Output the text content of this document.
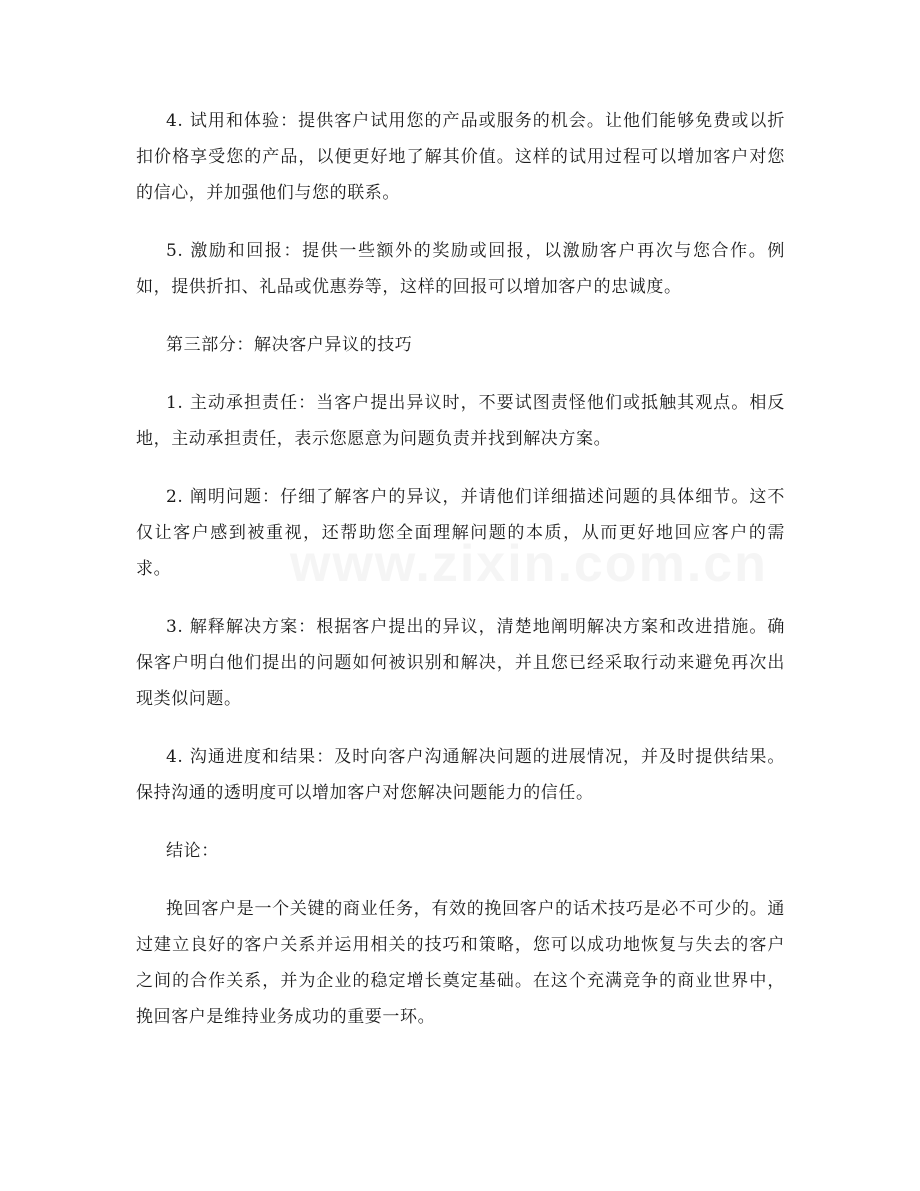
4. 试用和体验：提供客户试用您的产品或服务的机会。让他们能够免费或以折扣价格享受您的产品，以便更好地了解其价值。这样的试用过程可以增加客户对您的信心，并加强他们与您的联系。

5. 激励和回报：提供一些额外的奖励或回报，以激励客户再次与您合作。例如，提供折扣、礼品或优惠券等，这样的回报可以增加客户的忠诚度。

第三部分：解决客户异议的技巧

1. 主动承担责任：当客户提出异议时，不要试图责怪他们或抵触其观点。相反地，主动承担责任，表示您愿意为问题负责并找到解决方案。

2. 阐明问题：仔细了解客户的异议，并请他们详细描述问题的具体细节。这不仅让客户感到被重视，还帮助您全面理解问题的本质，从而更好地回应客户的需求。

3. 解释解决方案：根据客户提出的异议，清楚地阐明解决方案和改进措施。确保客户明白他们提出的问题如何被识别和解决，并且您已经采取行动来避免再次出现类似问题。

4. 沟通进度和结果：及时向客户沟通解决问题的进展情况，并及时提供结果。保持沟通的透明度可以增加客户对您解决问题能力的信任。

结论：

挽回客户是一个关键的商业任务，有效的挽回客户的话术技巧是必不可少的。通过建立良好的客户关系并运用相关的技巧和策略，您可以成功地恢复与失去的客户之间的合作关系，并为企业的稳定增长奠定基础。在这个充满竞争的商业世界中，挽回客户是维持业务成功的重要一环。

www.zixin.com.cn
